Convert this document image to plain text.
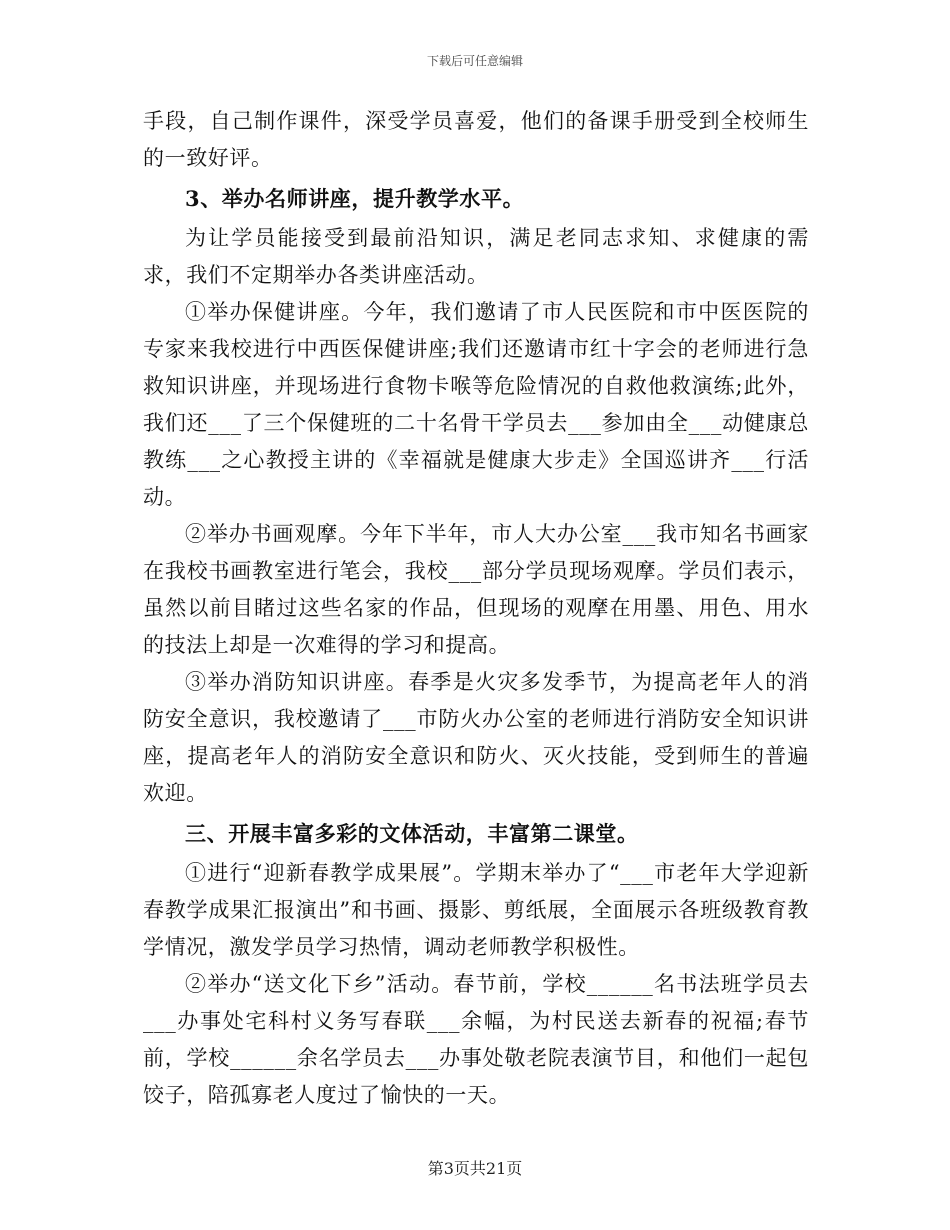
下载后可任意编辑

手段，自己制作课件，深受学员喜爱，他们的备课手册受到全校师生的一致好评。

3、举办名师讲座，提升教学水平。

为让学员能接受到最前沿知识，满足老同志求知、求健康的需求，我们不定期举办各类讲座活动。

①举办保健讲座。今年，我们邀请了市人民医院和市中医医院的专家来我校进行中西医保健讲座;我们还邀请市红十字会的老师进行急救知识讲座，并现场进行食物卡喉等危险情况的自救他救演练;此外，我们还___了三个保健班的二十名骨干学员去___参加由全___动健康总教练___之心教授主讲的《幸福就是健康大步走》全国巡讲齐___行活动。

②举办书画观摩。今年下半年，市人大办公室___我市知名书画家在我校书画教室进行笔会，我校___部分学员现场观摩。学员们表示，虽然以前目睹过这些名家的作品，但现场的观摩在用墨、用色、用水的技法上却是一次难得的学习和提高。

③举办消防知识讲座。春季是火灾多发季节，为提高老年人的消防安全意识，我校邀请了___市防火办公室的老师进行消防安全知识讲座，提高老年人的消防安全意识和防火、灭火技能，受到师生的普遍欢迎。

三、开展丰富多彩的文体活动，丰富第二课堂。

①进行“迎新春教学成果展”。学期末举办了“___市老年大学迎新春教学成果汇报演出”和书画、摄影、剪纸展，全面展示各班级教育教学情况，激发学员学习热情，调动老师教学积极性。

②举办“送文化下乡”活动。春节前，学校______名书法班学员去___办事处宅科村义务写春联___余幅，为村民送去新春的祝福;春节前，学校______余名学员去___办事处敬老院表演节目，和他们一起包饺子，陪孤寡老人度过了愉快的一天。

第3页共21页
